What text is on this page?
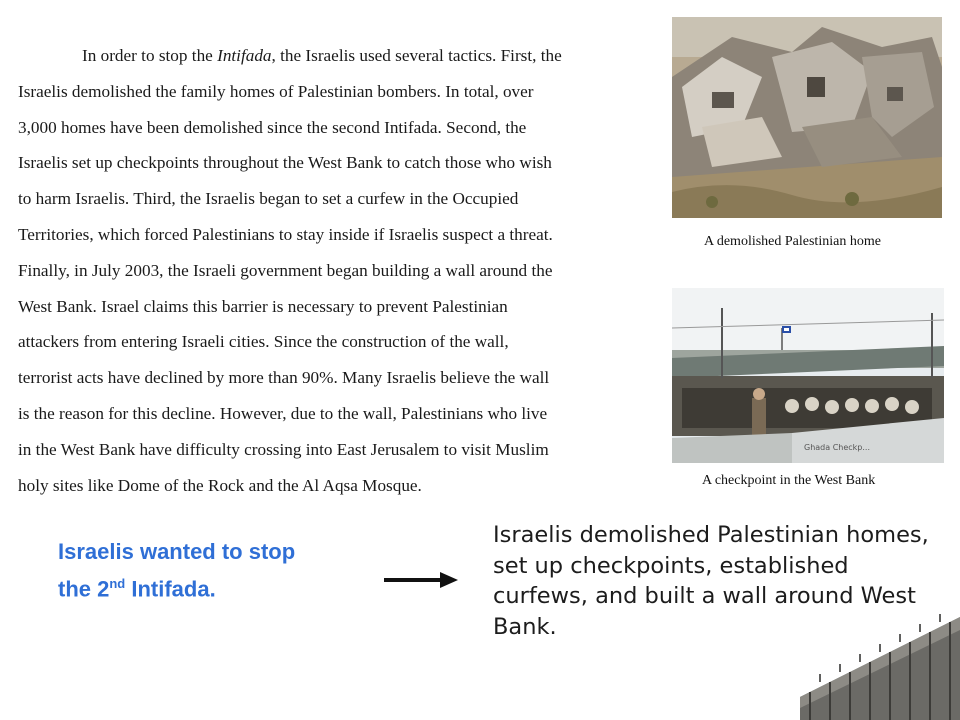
In order to stop the Intifada, the Israelis used several tactics. First, the
Israelis demolished the family homes of Palestinian bombers. In total, over
3,000 homes have been demolished since the second Intifada. Second, the
Israelis set up checkpoints throughout the West Bank to catch those who wish
to harm Israelis. Third, the Israelis began to set a curfew in the Occupied
Territories, which forced Palestinians to stay inside if Israelis suspect a threat.
Finally, in July 2003, the Israeli government began building a wall around the
West Bank. Israel claims this barrier is necessary to prevent Palestinian
attackers from entering Israeli cities. Since the construction of the wall,
terrorist acts have declined by more than 90%. Many Israelis believe the wall
is the reason for this decline. However, due to the wall, Palestinians who live
in the West Bank have difficulty crossing into East Jerusalem to visit Muslim
holy sites like Dome of the Rock and the Al Aqsa Mosque.
A demolished Palestinian home
Ghada Checkp...
A checkpoint in the West Bank
Israelis wanted to stop
the 2nd Intifada.
Israelis demolished Palestinian homes, set up checkpoints, established curfews, and built a wall around West Bank.
